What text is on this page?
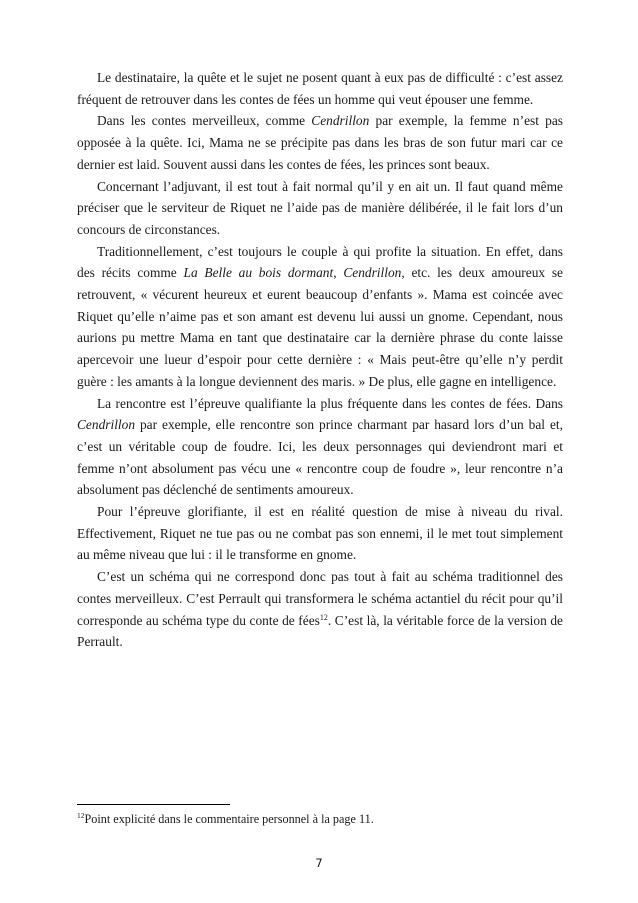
Le destinataire, la quête et le sujet ne posent quant à eux pas de difficulté : c’est assez fréquent de retrouver dans les contes de fées un homme qui veut épouser une femme.

Dans les contes merveilleux, comme Cendrillon par exemple, la femme n’est pas opposée à la quête. Ici, Mama ne se précipite pas dans les bras de son futur mari car ce dernier est laid. Souvent aussi dans les contes de fées, les princes sont beaux.

Concernant l’adjuvant, il est tout à fait normal qu’il y en ait un. Il faut quand même préciser que le serviteur de Riquet ne l’aide pas de manière délibérée, il le fait lors d’un concours de circonstances.

Traditionnellement, c’est toujours le couple à qui profite la situation. En effet, dans des récits comme La Belle au bois dormant, Cendrillon, etc. les deux amoureux se retrouvent, « vécurent heureux et eurent beaucoup d’enfants ». Mama est coincée avec Riquet qu’elle n’aime pas et son amant est devenu lui aussi un gnome. Cependant, nous aurions pu mettre Mama en tant que destinataire car la dernière phrase du conte laisse apercevoir une lueur d’espoir pour cette dernière : « Mais peut-être qu’elle n’y perdit guère : les amants à la longue deviennent des maris. » De plus, elle gagne en intelligence.

La rencontre est l’épreuve qualifiante la plus fréquente dans les contes de fées. Dans Cendrillon par exemple, elle rencontre son prince charmant par hasard lors d’un bal et, c’est un véritable coup de foudre. Ici, les deux personnages qui deviendront mari et femme n’ont absolument pas vécu une « rencontre coup de foudre », leur rencontre n’a absolument pas déclenché de sentiments amoureux.

Pour l’épreuve glorifiante, il est en réalité question de mise à niveau du rival. Effectivement, Riquet ne tue pas ou ne combat pas son ennemi, il le met tout simplement au même niveau que lui : il le transforme en gnome.

C’est un schéma qui ne correspond donc pas tout à fait au schéma traditionnel des contes merveilleux. C’est Perrault qui transformera le schéma actantiel du récit pour qu’il corresponde au schéma type du conte de fées$^{12}$. C’est là, la véritable force de la version de Perrault.

$^{12}$Point explicité dans le commentaire personnel à la page 11.
7
